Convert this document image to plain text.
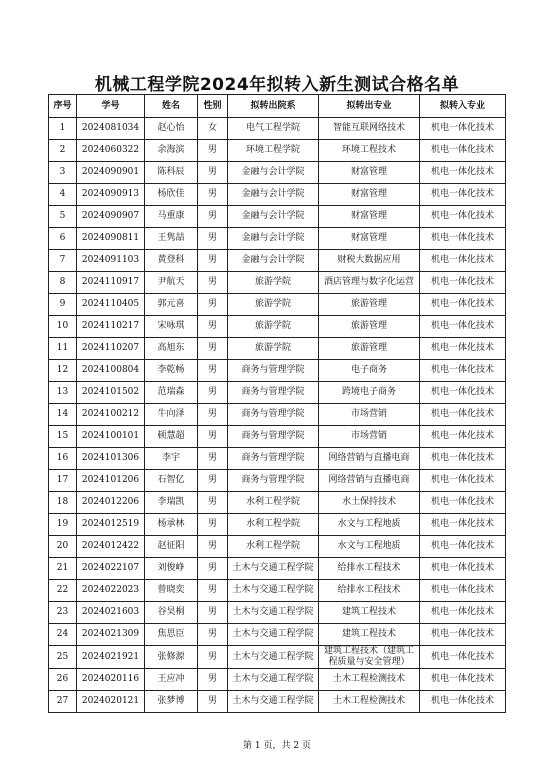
机械工程学院2024年拟转入新生测试合格名单
序号	学号	姓名	性别	拟转出院系	拟转出专业	拟转入专业
1	2024081034	赵心怡	女	电气工程学院	智能互联网络技术	机电一体化技术
2	2024060322	余海滨	男	环境工程学院	环境工程技术	机电一体化技术
3	2024090901	陈科辰	男	金融与会计学院	财富管理	机电一体化技术
4	2024090913	杨欣佳	男	金融与会计学院	财富管理	机电一体化技术
5	2024090907	马重康	男	金融与会计学院	财富管理	机电一体化技术
6	2024090811	王隽喆	男	金融与会计学院	财富管理	机电一体化技术
7	2024091103	黄登科	男	金融与会计学院	财税大数据应用	机电一体化技术
8	2024110917	尹航天	男	旅游学院	酒店管理与数字化运营	机电一体化技术
9	2024110405	郭元喜	男	旅游学院	旅游管理	机电一体化技术
10	2024110217	宋咏琪	男	旅游学院	旅游管理	机电一体化技术
11	2024110207	高旭东	男	旅游学院	旅游管理	机电一体化技术
12	2024100804	李乾畅	男	商务与管理学院	电子商务	机电一体化技术
13	2024101502	范瑞森	男	商务与管理学院	跨境电子商务	机电一体化技术
14	2024100212	牛向泽	男	商务与管理学院	市场营销	机电一体化技术
15	2024100101	顿慧超	男	商务与管理学院	市场营销	机电一体化技术
16	2024101306	李宇	男	商务与管理学院	网络营销与直播电商	机电一体化技术
17	2024101206	石智亿	男	商务与管理学院	网络营销与直播电商	机电一体化技术
18	2024012206	李瑞凯	男	水利工程学院	水土保持技术	机电一体化技术
19	2024012519	杨承林	男	水利工程学院	水文与工程地质	机电一体化技术
20	2024012422	赵征阳	男	水利工程学院	水文与工程地质	机电一体化技术
21	2024022107	刘俊峥	男	土木与交通工程学院	给排水工程技术	机电一体化技术
22	2024022023	曾晓奕	男	土木与交通工程学院	给排水工程技术	机电一体化技术
23	2024021603	谷昊桐	男	土木与交通工程学院	建筑工程技术	机电一体化技术
24	2024021309	焦思臣	男	土木与交通工程学院	建筑工程技术	机电一体化技术
25	2024021921	张修源	男	土木与交通工程学院	建筑工程技术（建筑工程质量与安全管理）	机电一体化技术
26	2024020116	王应冲	男	土木与交通工程学院	土木工程检测技术	机电一体化技术
27	2024020121	张梦博	男	土木与交通工程学院	土木工程检测技术	机电一体化技术
第 1 页，共 2 页
